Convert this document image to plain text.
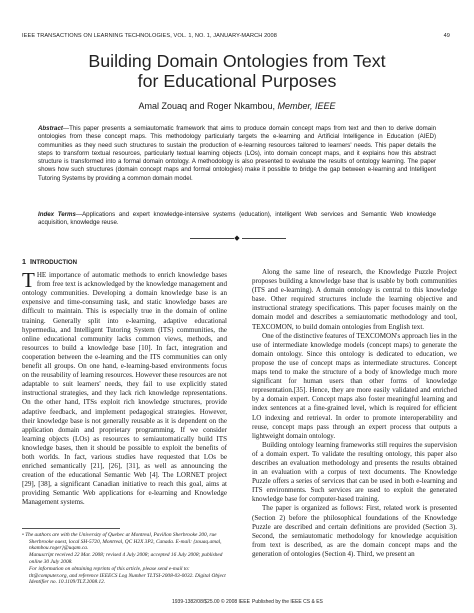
IEEE TRANSACTIONS ON LEARNING TECHNOLOGIES, VOL. 1, NO. 1, JANUARY-MARCH 2008	49
Building Domain Ontologies from Text
for Educational Purposes
Amal Zouaq and Roger Nkambou, Member, IEEE
Abstract—This paper presents a semiautomatic framework that aims to produce domain concept maps from text and then to derive domain ontologies from these concept maps. This methodology particularly targets the e-learning and Artificial Intelligence in Education (AIED) communities as they need such structures to sustain the production of e-learning resources tailored to learners' needs. This paper details the steps to transform textual resources, particularly textual learning objects (LOs), into domain concept maps, and it explains how this abstract structure is transformed into a formal domain ontology. A methodology is also presented to evaluate the results of ontology learning. The paper shows how such structures (domain concept maps and formal ontologies) make it possible to bridge the gap between e-learning and Intelligent Tutoring Systems by providing a common domain model.
Index Terms—Applications and expert knowledge-intensive systems (education), intelligent Web services and Semantic Web knowledge acquisition, knowledge reuse.
◆
1 INTRODUCTION

THE importance of automatic methods to enrich knowledge bases from free text is acknowledged by the knowledge management and ontology communities. Developing a domain knowledge base is an expensive and time-consuming task, and static knowledge bases are difficult to maintain. This is especially true in the domain of online training. Generally split into e-learning, adaptive educational hypermedia, and Intelligent Tutoring System (ITS) communities, the online educational community lacks common views, methods, and resources to build a knowledge base [10]. In fact, integration and cooperation between the e-learning and the ITS communities can only benefit all groups. On one hand, e-learning-based environments focus on the reusability of learning resources. However these resources are not adaptable to suit learners' needs, they fail to use explicitly stated instructional strategies, and they lack rich knowledge representations. On the other hand, ITSs exploit rich knowledge structures, provide adaptive feedback, and implement pedagogical strategies. However, their knowledge base is not generally reusable as it is dependent on the application domain and proprietary programming. If we consider learning objects (LOs) as resources to semiautomatically build ITS knowledge bases, then it should be possible to exploit the benefits of both worlds. In fact, various studies have requested that LOs be enriched semantically [21], [26], [31], as well as announcing the creation of the educational Semantic Web [4]. The LORNET project [29], [38], a significant Canadian initiative to reach this goal, aims at providing Semantic Web applications for e-learning and Knowledge Management systems.

• The authors are with the University of Quebec at Montreal, Pavillon Sherbrooke 200, rue Sherbrooke ouest, local SH-5720, Montreal, QC H2X 3P2, Canada. E-mail: {zouaq.amal, nkambou.roger}@uqam.ca.
Manuscript received 22 Mar. 2008; revised 4 July 2008; accepted 16 July 2008; published online 30 July 2008.
For information on obtaining reprints of this article, please send e-mail to: tlt@computer.org, and reference IEEECS Log Number TLTSI-2008-03-0032. Digital Object Identifier no. 10.1109/TLT.2008.12.

Along the same line of research, the Knowledge Puzzle Project proposes building a knowledge base that is usable by both communities (ITS and e-learning). A domain ontology is central to this knowledge base. Other required structures include the learning objective and instructional strategy specifications. This paper focuses mainly on the domain model and describes a semiautomatic methodology and tool, TEXCOMON, to build domain ontologies from English text.

One of the distinctive features of TEXCOMON's approach lies in the use of intermediate knowledge models (concept maps) to generate the domain ontology. Since this ontology is dedicated to education, we propose the use of concept maps as intermediate structures. Concept maps tend to make the structure of a body of knowledge much more significant for human users than other forms of knowledge representation.[35]. Hence, they are more easily validated and enriched by a domain expert. Concept maps also foster meaningful learning and index sentences at a fine-grained level, which is required for efficient LO indexing and retrieval. In order to promote interoperability and reuse, concept maps pass through an expert process that outputs a lightweight domain ontology.

Building ontology learning frameworks still requires the supervision of a domain expert. To validate the resulting ontology, this paper also describes an evaluation methodology and presents the results obtained in an evaluation with a corpus of text documents. The Knowledge Puzzle offers a series of services that can be used in both e-learning and ITS environments. Such services are used to exploit the generated knowledge base for computer-based training.

The paper is organized as follows: First, related work is presented (Section 2) before the philosophical foundations of the Knowledge Puzzle are described and certain definitions are provided (Section 3). Second, the semiautomatic methodology for knowledge acquisition from text is described, as are the domain concept maps and the generation of ontologies (Section 4). Third, we present an

1939-1382/08/$25.00 © 2008 IEEE Published by the IEEE CS & ES
